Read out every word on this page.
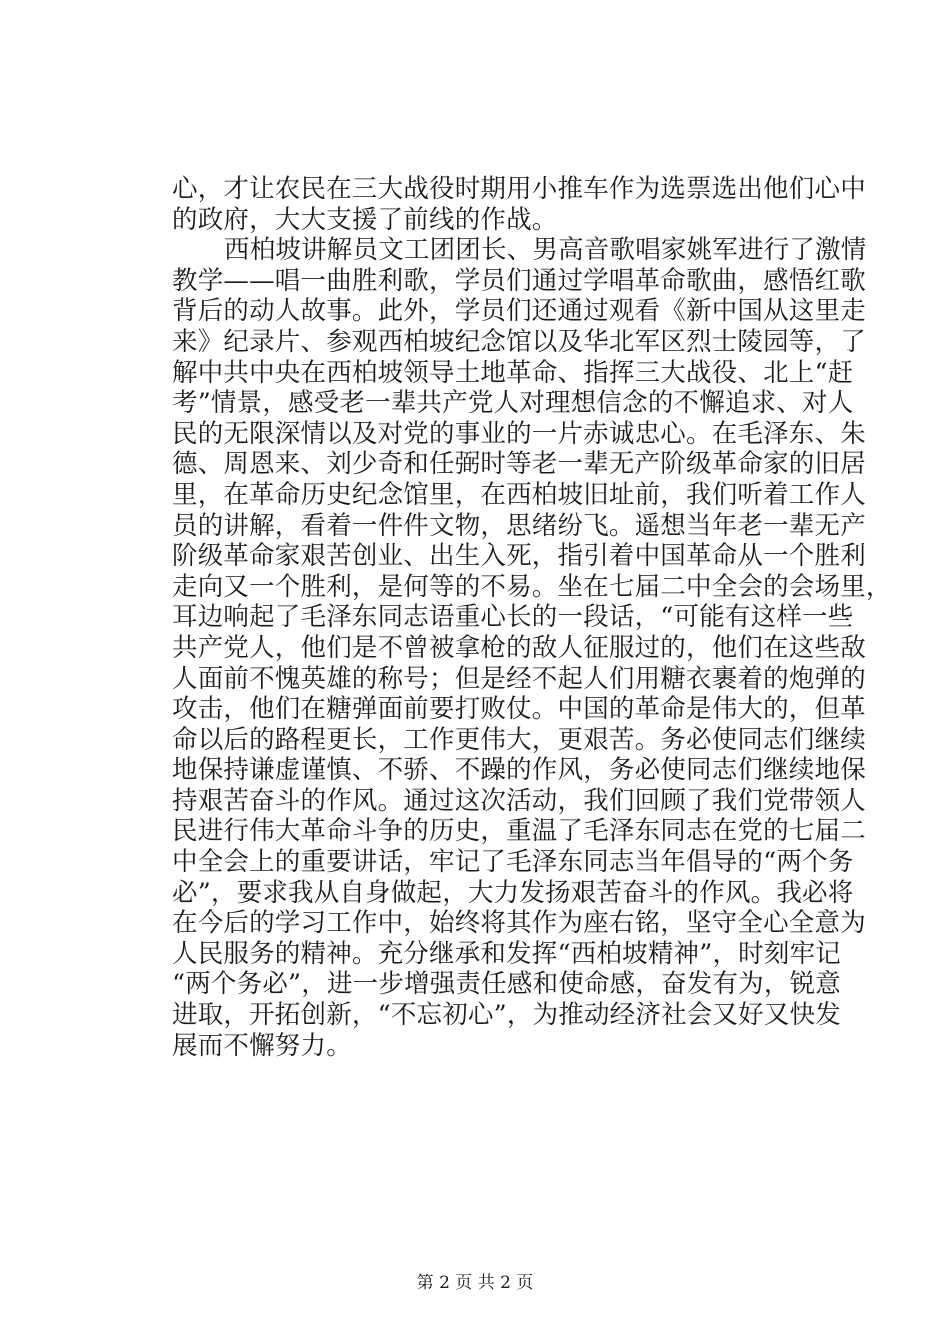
心，才让农民在三大战役时期用小推车作为选票选出他们心中
的政府，大大支援了前线的作战。
西柏坡讲解员文工团团长、男高音歌唱家姚军进行了激情
教学——唱一曲胜利歌，学员们通过学唱革命歌曲，感悟红歌
背后的动人故事。此外，学员们还通过观看《新中国从这里走
来》纪录片、参观西柏坡纪念馆以及华北军区烈士陵园等，了
解中共中央在西柏坡领导土地革命、指挥三大战役、北上“赶
考”情景，感受老一辈共产党人对理想信念的不懈追求、对人
民的无限深情以及对党的事业的一片赤诚忠心。在毛泽东、朱
德、周恩来、刘少奇和任弼时等老一辈无产阶级革命家的旧居
里，在革命历史纪念馆里，在西柏坡旧址前，我们听着工作人
员的讲解，看着一件件文物，思绪纷飞。遥想当年老一辈无产
阶级革命家艰苦创业、出生入死，指引着中国革命从一个胜利
走向又一个胜利，是何等的不易。坐在七届二中全会的会场里，
耳边响起了毛泽东同志语重心长的一段话，“可能有这样一些
共产党人，他们是不曾被拿枪的敌人征服过的，他们在这些敌
人面前不愧英雄的称号；但是经不起人们用糖衣裹着的炮弹的
攻击，他们在糖弹面前要打败仗。中国的革命是伟大的，但革
命以后的路程更长，工作更伟大，更艰苦。务必使同志们继续
地保持谦虚谨慎、不骄、不躁的作风，务必使同志们继续地保
持艰苦奋斗的作风。通过这次活动，我们回顾了我们党带领人
民进行伟大革命斗争的历史，重温了毛泽东同志在党的七届二
中全会上的重要讲话，牢记了毛泽东同志当年倡导的“两个务
必”，要求我从自身做起，大力发扬艰苦奋斗的作风。我必将
在今后的学习工作中，始终将其作为座右铭，坚守全心全意为
人民服务的精神。充分继承和发挥“西柏坡精神”，时刻牢记
“两个务必”，进一步增强责任感和使命感，奋发有为，锐意
进取，开拓创新，“不忘初心”，为推动经济社会又好又快发
展而不懈努力。
第 2 页 共 2 页
